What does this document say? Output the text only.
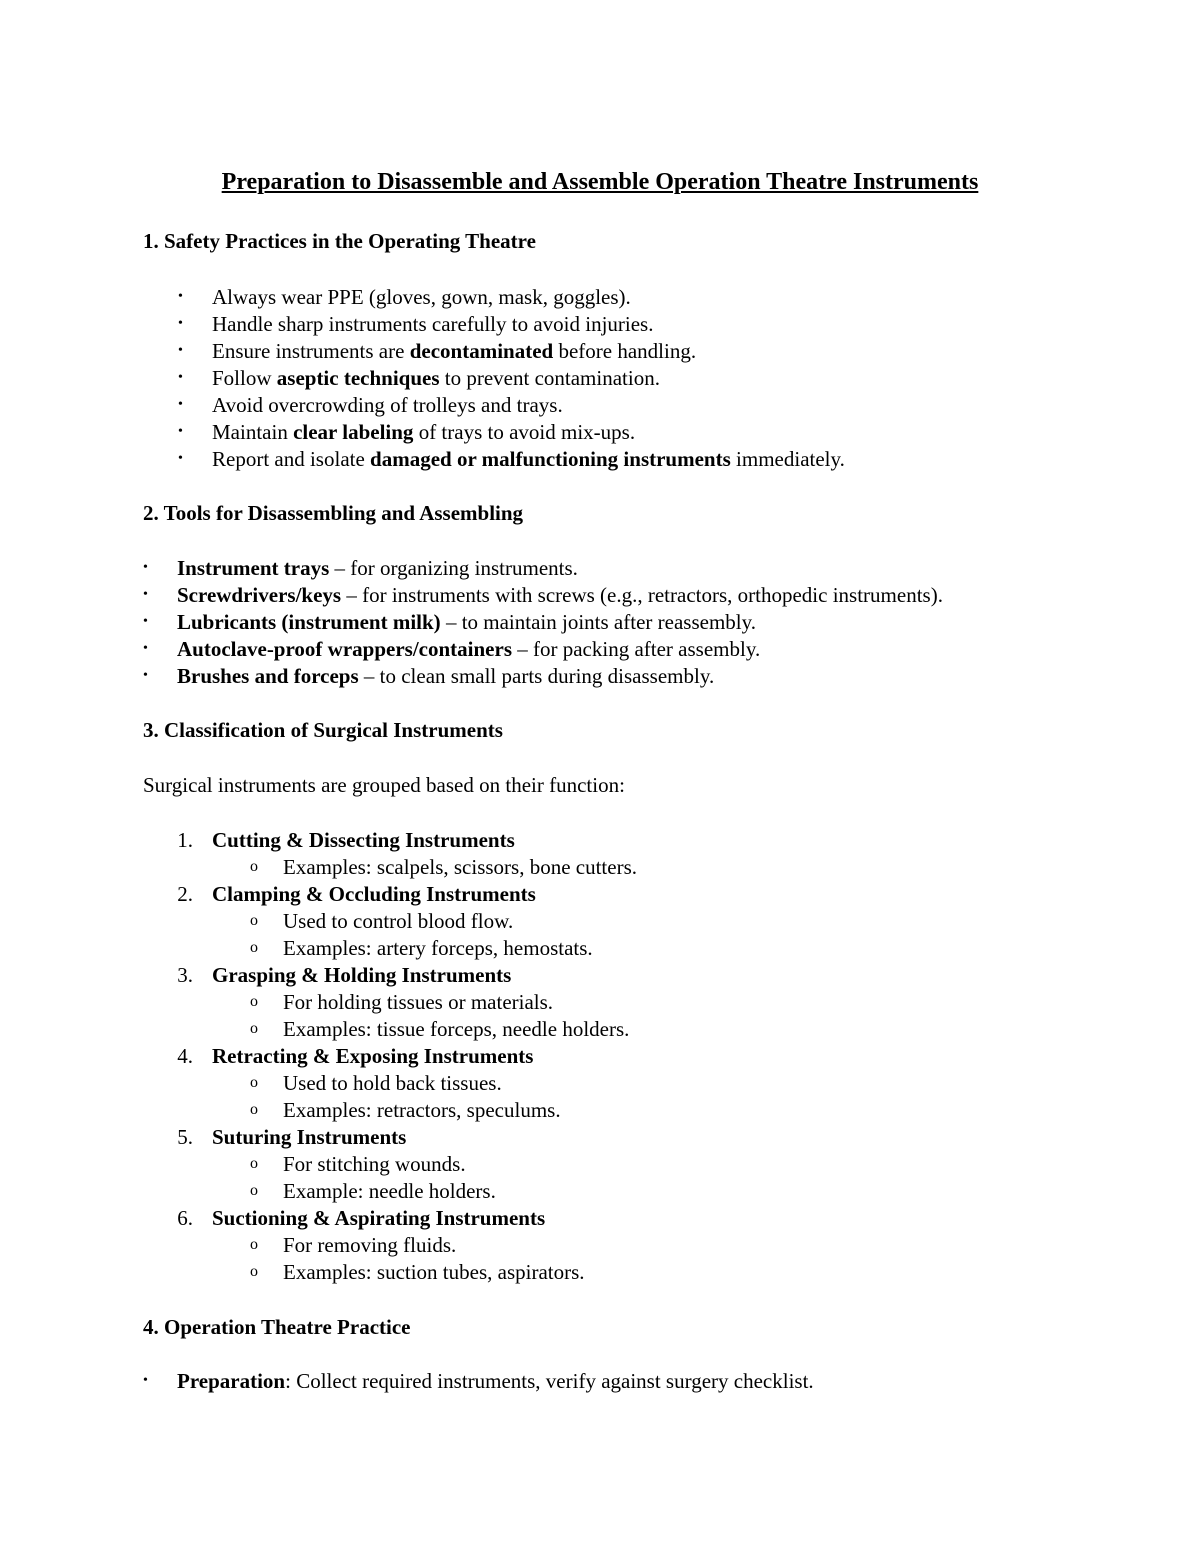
Preparation to Disassemble and Assemble Operation Theatre Instruments
1. Safety Practices in the Operating Theatre
• Always wear PPE (gloves, gown, mask, goggles).
• Handle sharp instruments carefully to avoid injuries.
• Ensure instruments are decontaminated before handling.
• Follow aseptic techniques to prevent contamination.
• Avoid overcrowding of trolleys and trays.
• Maintain clear labeling of trays to avoid mix-ups.
• Report and isolate damaged or malfunctioning instruments immediately.
2. Tools for Disassembling and Assembling
• Instrument trays – for organizing instruments.
• Screwdrivers/keys – for instruments with screws (e.g., retractors, orthopedic instruments).
• Lubricants (instrument milk) – to maintain joints after reassembly.
• Autoclave-proof wrappers/containers – for packing after assembly.
• Brushes and forceps – to clean small parts during disassembly.
3. Classification of Surgical Instruments
Surgical instruments are grouped based on their function:
1. Cutting & Dissecting Instruments
o Examples: scalpels, scissors, bone cutters.
2. Clamping & Occluding Instruments
o Used to control blood flow.
o Examples: artery forceps, hemostats.
3. Grasping & Holding Instruments
o For holding tissues or materials.
o Examples: tissue forceps, needle holders.
4. Retracting & Exposing Instruments
o Used to hold back tissues.
o Examples: retractors, speculums.
5. Suturing Instruments
o For stitching wounds.
o Example: needle holders.
6. Suctioning & Aspirating Instruments
o For removing fluids.
o Examples: suction tubes, aspirators.
4. Operation Theatre Practice
• Preparation: Collect required instruments, verify against surgery checklist.
